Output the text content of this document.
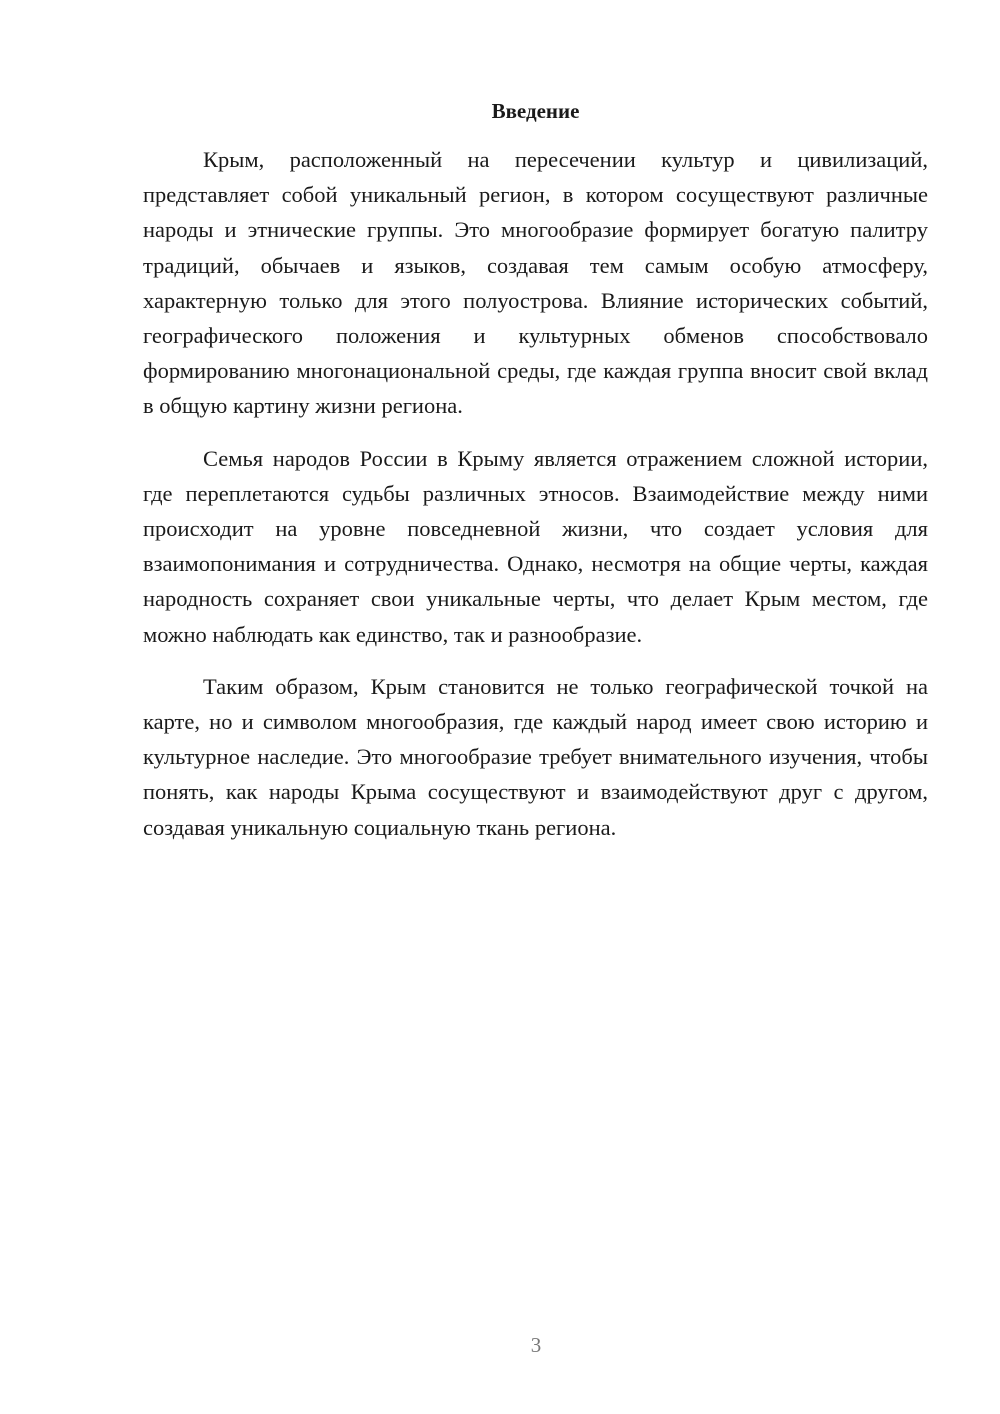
Введение

Крым, расположенный на пересечении культур и цивилизаций, представляет собой уникальный регион, в котором сосуществуют различные народы и этнические группы. Это многообразие формирует богатую палитру традиций, обычаев и языков, создавая тем самым особую атмосферу, характерную только для этого полуострова. Влияние исторических событий, географического положения и культурных обменов способствовало формированию многонациональной среды, где каждая группа вносит свой вклад в общую картину жизни региона.

Семья народов России в Крыму является отражением сложной истории, где переплетаются судьбы различных этносов. Взаимодействие между ними происходит на уровне повседневной жизни, что создает условия для взаимопонимания и сотрудничества. Однако, несмотря на общие черты, каждая народность сохраняет свои уникальные черты, что делает Крым местом, где можно наблюдать как единство, так и разнообразие.

Таким образом, Крым становится не только географической точкой на карте, но и символом многообразия, где каждый народ имеет свою историю и культурное наследие. Это многообразие требует внимательного изучения, чтобы понять, как народы Крыма сосуществуют и взаимодействуют друг с другом, создавая уникальную социальную ткань региона.

3
